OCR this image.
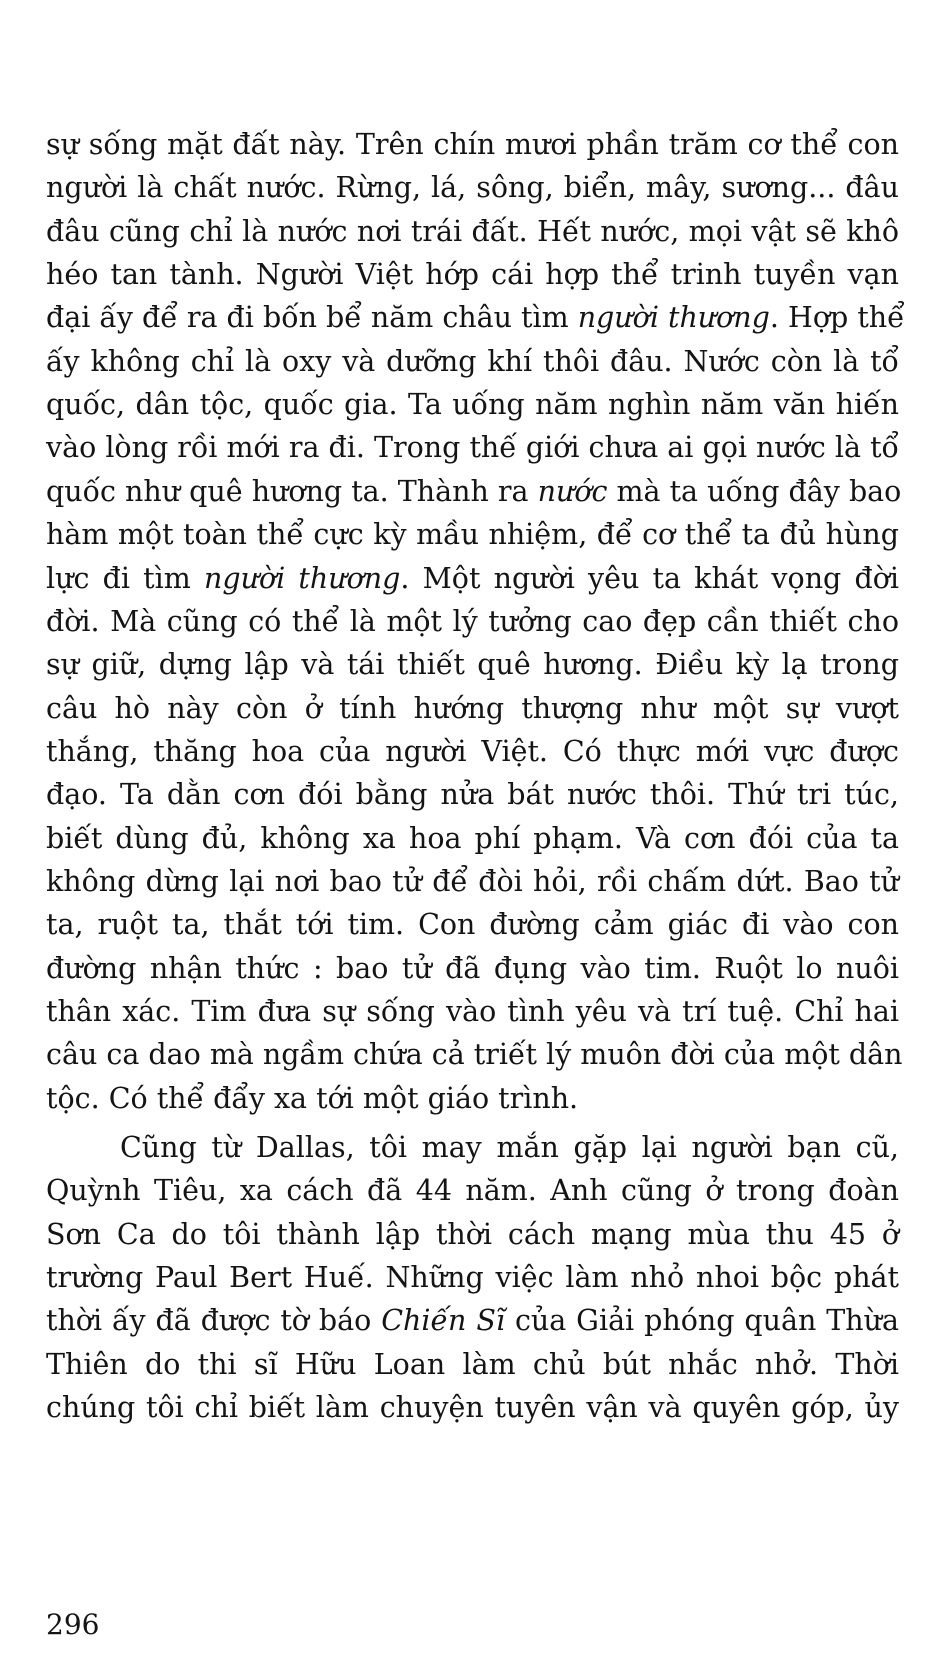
sự sống mặt đất này. Trên chín mươi phần trăm cơ thể con
người là chất nước. Rừng, lá, sông, biển, mây, sương... đâu
đâu cũng chỉ là nước nơi trái đất. Hết nước, mọi vật sẽ khô
héo tan tành. Người Việt hớp cái hợp thể trinh tuyền vạn
đại ấy để ra đi bốn bể năm châu tìm người thương. Hợp thể
ấy không chỉ là oxy và dưỡng khí thôi đâu. Nước còn là tổ
quốc, dân tộc, quốc gia. Ta uống năm nghìn năm văn hiến
vào lòng rồi mới ra đi. Trong thế giới chưa ai gọi nước là tổ
quốc như quê hương ta. Thành ra nước mà ta uống đây bao
hàm một toàn thể cực kỳ mầu nhiệm, để cơ thể ta đủ hùng
lực đi tìm người thương. Một người yêu ta khát vọng đời
đời. Mà cũng có thể là một lý tưởng cao đẹp cần thiết cho
sự giữ, dựng lập và tái thiết quê hương. Điều kỳ lạ trong
câu hò này còn ở tính hướng thượng như một sự vượt
thắng, thăng hoa của người Việt. Có thực mới vực được
đạo. Ta dằn cơn đói bằng nửa bát nước thôi. Thứ tri túc,
biết dùng đủ, không xa hoa phí phạm. Và cơn đói của ta
không dừng lại nơi bao tử để đòi hỏi, rồi chấm dứt. Bao tử
ta, ruột ta, thắt tới tim. Con đường cảm giác đi vào con
đường nhận thức : bao tử đã đụng vào tim. Ruột lo nuôi
thân xác. Tim đưa sự sống vào tình yêu và trí tuệ. Chỉ hai
câu ca dao mà ngầm chứa cả triết lý muôn đời của một dân
tộc. Có thể đẩy xa tới một giáo trình.
Cũng từ Dallas, tôi may mắn gặp lại người bạn cũ,
Quỳnh Tiêu, xa cách đã 44 năm. Anh cũng ở trong đoàn
Sơn Ca do tôi thành lập thời cách mạng mùa thu 45 ở
trường Paul Bert Huế. Những việc làm nhỏ nhoi bộc phát
thời ấy đã được tờ báo Chiến Sĩ của Giải phóng quân Thừa
Thiên do thi sĩ Hữu Loan làm chủ bút nhắc nhở. Thời
chúng tôi chỉ biết làm chuyện tuyên vận và quyên góp, ủy
296
